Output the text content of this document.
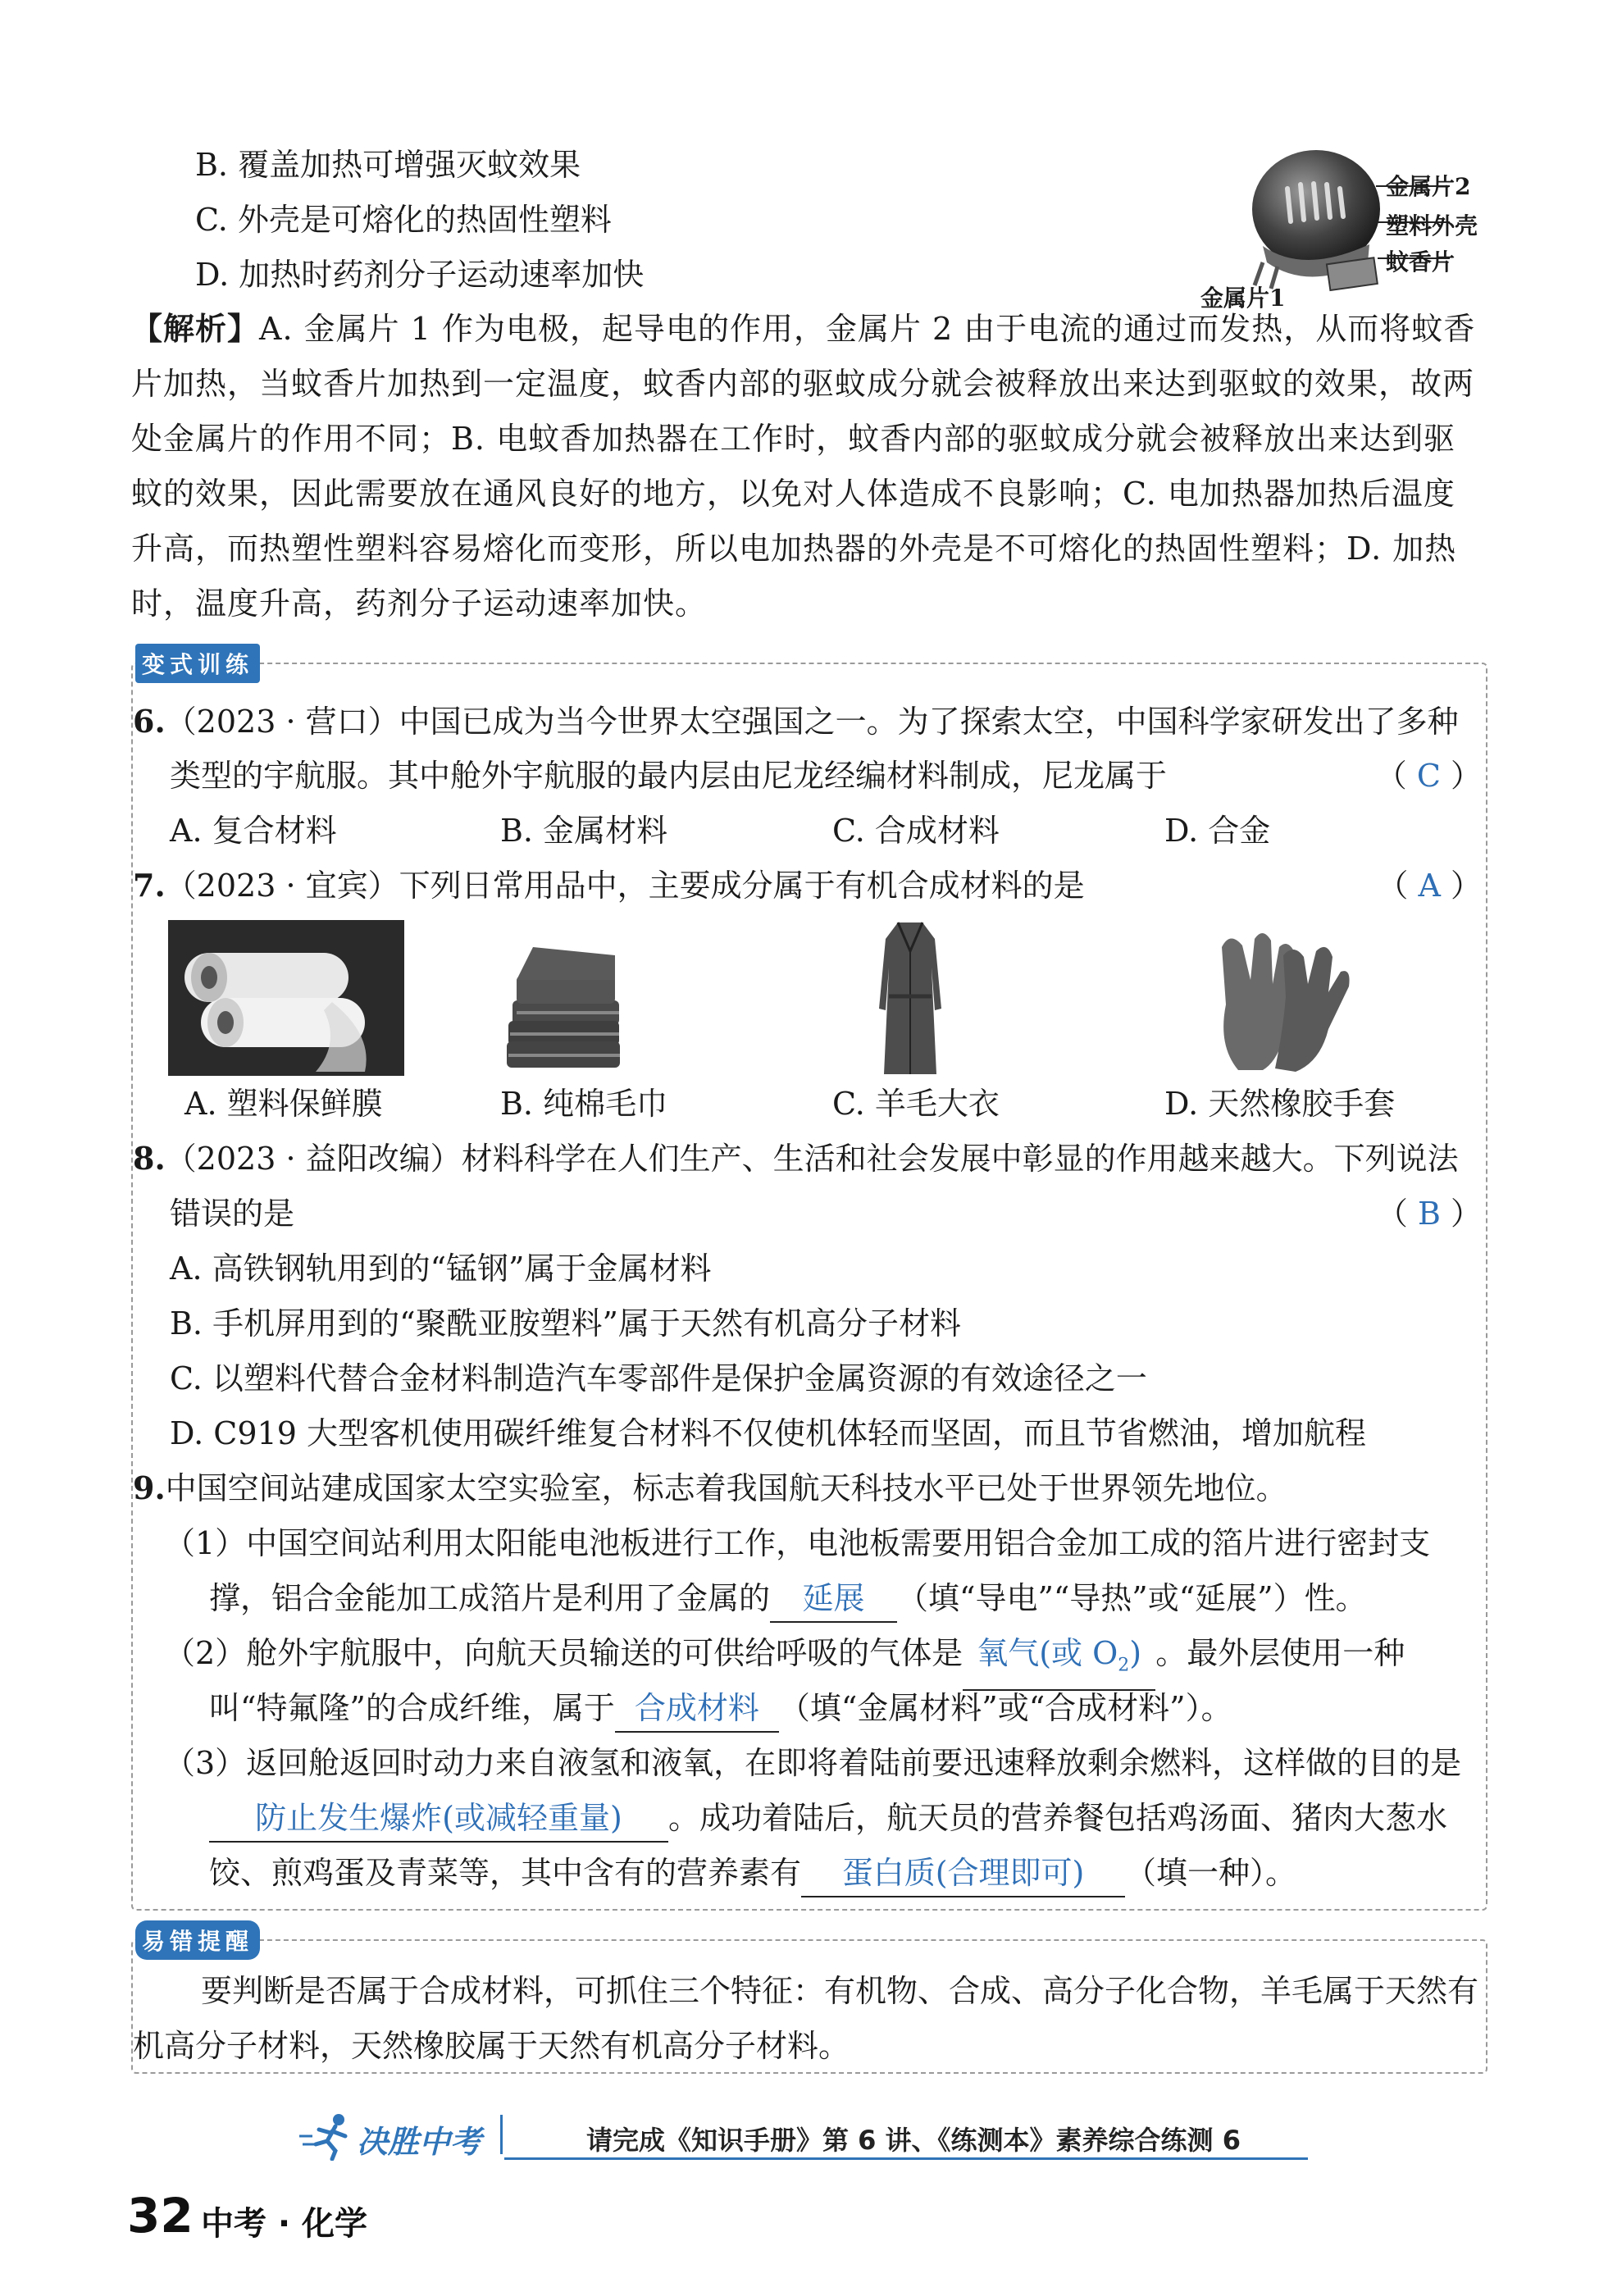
B. 覆盖加热可增强灭蚊效果
C. 外壳是可熔化的热固性塑料
D. 加热时药剂分子运动速率加快
金属片2
塑料外壳
蚊香片
金属片1
【解析】A. 金属片 1 作为电极，起导电的作用，金属片 2 由于电流的通过而发热，从而将蚊香片加热，当蚊香片加热到一定温度，蚊香内部的驱蚊成分就会被释放出来达到驱蚊的效果，故两处金属片的作用不同；B. 电蚊香加热器在工作时，蚊香内部的驱蚊成分就会被释放出来达到驱蚊的效果，因此需要放在通风良好的地方，以免对人体造成不良影响；C. 电加热器加热后温度升高，而热塑性塑料容易熔化而变形，所以电加热器的外壳是不可熔化的热固性塑料；D. 加热时，温度升高，药剂分子运动速率加快。
变式训练
6.（2023 · 营口）中国已成为当今世界太空强国之一。为了探索太空，中国科学家研发出了多种
类型的宇航服。其中舱外宇航服的最内层由尼龙经编材料制成，尼龙属于	（ C ）
A. 复合材料	B. 金属材料	C. 合成材料	D. 合金
7.（2023 · 宜宾）下列日常用品中，主要成分属于有机合成材料的是	（ A ）
A. 塑料保鲜膜	B. 纯棉毛巾	C. 羊毛大衣	D. 天然橡胶手套
8.（2023 · 益阳改编）材料科学在人们生产、生活和社会发展中彰显的作用越来越大。下列说法
错误的是	（ B ）
A. 高铁钢轨用到的“锰钢”属于金属材料
B. 手机屏用到的“聚酰亚胺塑料”属于天然有机高分子材料
C. 以塑料代替合金材料制造汽车零部件是保护金属资源的有效途径之一
D. C919 大型客机使用碳纤维复合材料不仅使机体轻而坚固，而且节省燃油，增加航程
9.中国空间站建成国家太空实验室，标志着我国航天科技水平已处于世界领先地位。
（1）中国空间站利用太阳能电池板进行工作，电池板需要用铝合金加工成的箔片进行密封支
撑，铝合金能加工成箔片是利用了金属的 延展 （填“导电”“导热”或“延展”）性。
（2）舱外宇航服中，向航天员输送的可供给呼吸的气体是 氧气(或 $O_2$) 。最外层使用一种
叫“特氟隆”的合成纤维，属于 合成材料 （填“金属材料”或“合成材料”）。
（3）返回舱返回时动力来自液氢和液氧，在即将着陆前要迅速释放剩余燃料，这样做的目的是
防止发生爆炸(或减轻重量) 。成功着陆后，航天员的营养餐包括鸡汤面、猪肉大葱水
饺、煎鸡蛋及青菜等，其中含有的营养素有 蛋白质(合理即可) （填一种）。
易错提醒
要判断是否属于合成材料，可抓住三个特征：有机物、合成、高分子化合物，羊毛属于天然有
机高分子材料，天然橡胶属于天然有机高分子材料。
决胜中考	请完成《知识手册》第 6 讲、《练测本》素养综合练测 6
32 中考 · 化学
